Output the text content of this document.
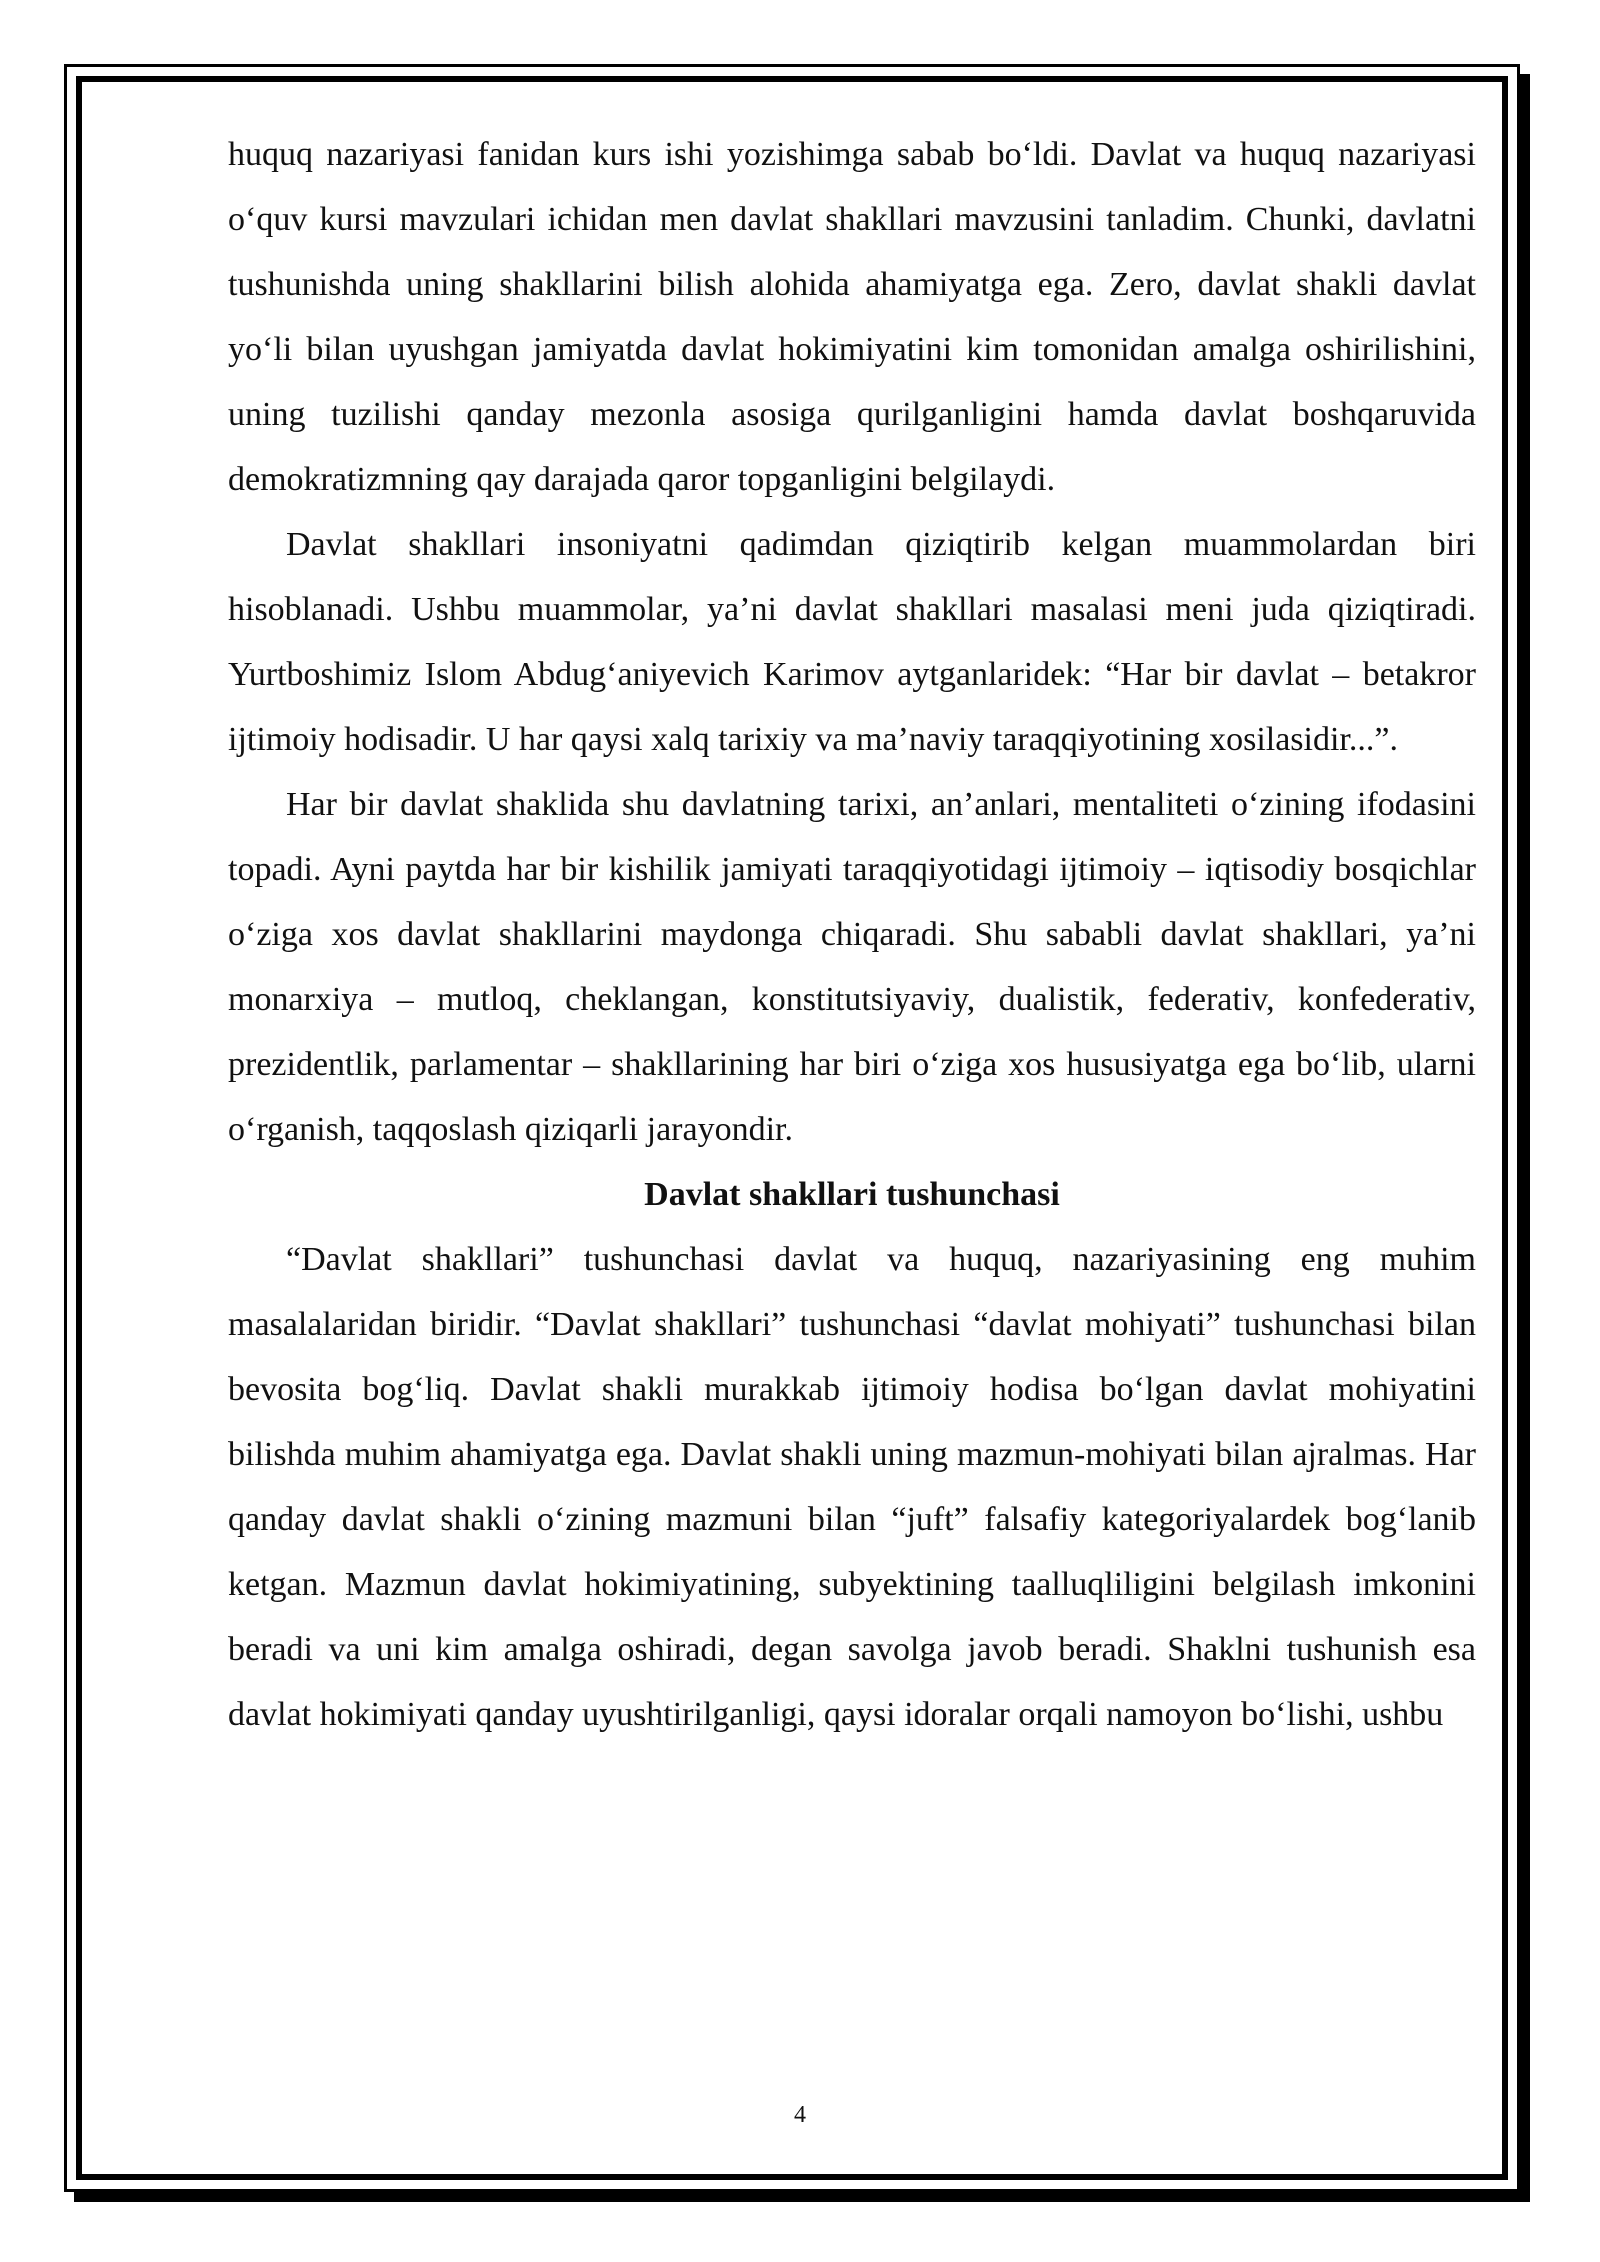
huquq nazariyasi fanidan kurs ishi yozishimga sabab bo‘ldi. Davlat va huquq nazariyasi o‘quv kursi mavzulari ichidan men davlat shakllari mavzusini tanladim. Chunki, davlatni tushunishda uning shakllarini bilish alohida ahamiyatga ega. Zero, davlat shakli davlat yo‘li bilan uyushgan jamiyatda davlat hokimiyatini kim tomonidan amalga oshirilishini, uning tuzilishi qanday mezonla asosiga qurilganligini hamda davlat boshqaruvida demokratizmning qay darajada qaror topganligini belgilaydi.

Davlat shakllari insoniyatni qadimdan qiziqtirib kelgan muammolardan biri hisoblanadi. Ushbu muammolar, ya’ni davlat shakllari masalasi meni juda qiziqtiradi. Yurtboshimiz Islom Abdug‘aniyevich Karimov aytganlaridek: “Har bir davlat – betakror ijtimoiy hodisadir. U har qaysi xalq tarixiy va ma’naviy taraqqiyotining xosilasidir...”.

Har bir davlat shaklida shu davlatning tarixi, an’anlari, mentaliteti o‘zining ifodasini topadi. Ayni paytda har bir kishilik jamiyati taraqqiyotidagi ijtimoiy – iqtisodiy bosqichlar o‘ziga xos davlat shakllarini maydonga chiqaradi. Shu sababli davlat shakllari, ya’ni monarxiya – mutloq, cheklangan, konstitutsiyaviy, dualistik, federativ, konfederativ, prezidentlik, parlamentar – shakllarining har biri o‘ziga xos hususiyatga ega bo‘lib, ularni o‘rganish, taqqoslash qiziqarli jarayondir.

Davlat shakllari tushunchasi

“Davlat shakllari” tushunchasi davlat va huquq, nazariyasining eng muhim masalalaridan biridir. “Davlat shakllari” tushunchasi “davlat mohiyati” tushunchasi bilan bevosita bog‘liq. Davlat shakli murakkab ijtimoiy hodisa bo‘lgan davlat mohiyatini bilishda muhim ahamiyatga ega. Davlat shakli uning mazmun-mohiyati bilan ajralmas. Har qanday davlat shakli o‘zining mazmuni bilan “juft” falsafiy kategoriyalardek bog‘lanib ketgan. Mazmun davlat hokimiyatining, subyektining taalluqliligini belgilash imkonini beradi va uni kim amalga oshiradi, degan savolga javob beradi. Shaklni tushunish esa davlat hokimiyati qanday uyushtirilganligi, qaysi idoralar orqali namoyon bo‘lishi, ushbu

4
